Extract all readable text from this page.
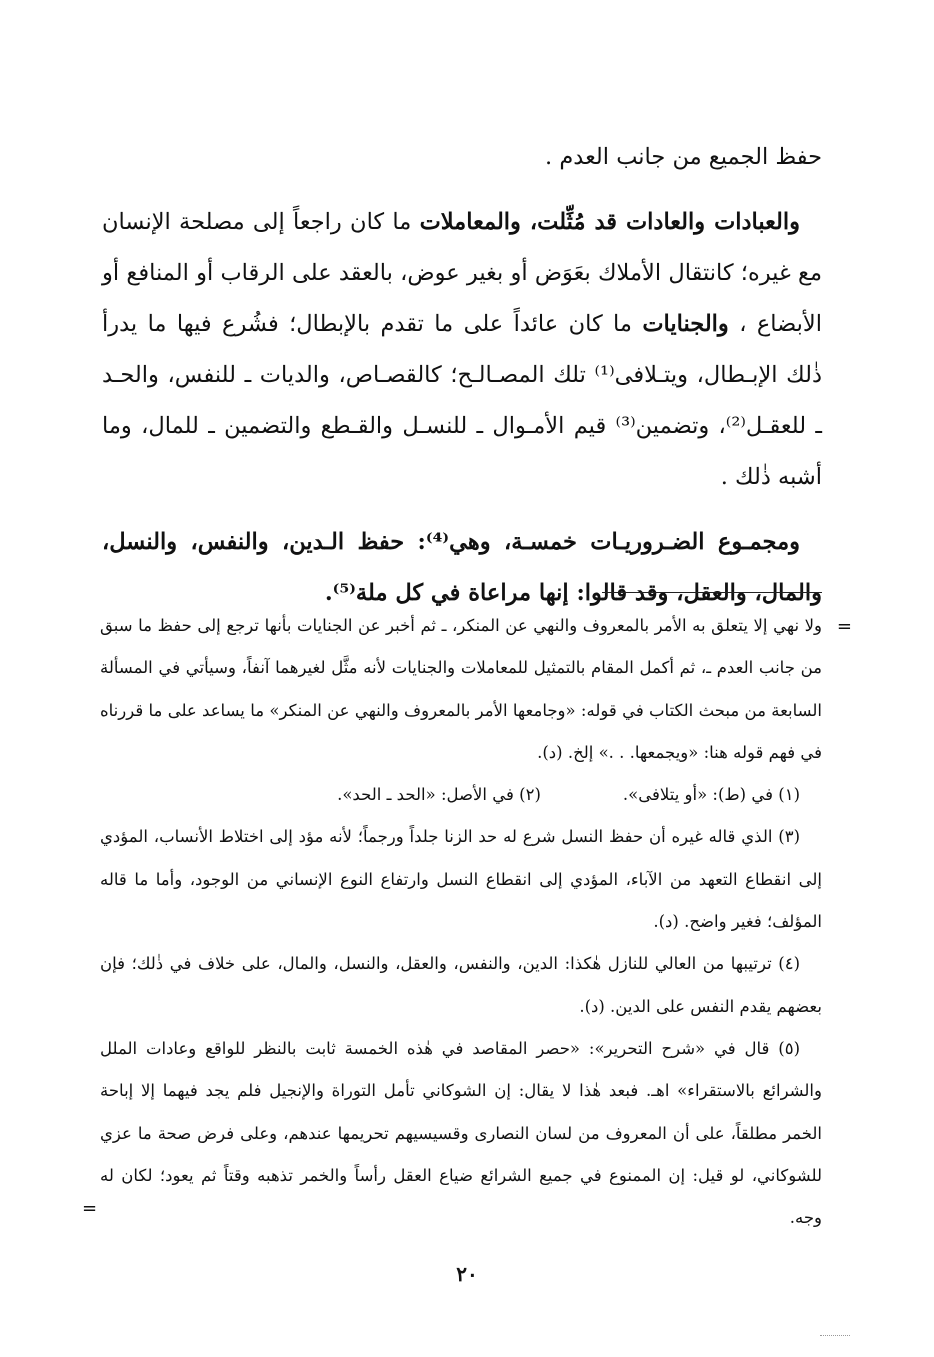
حفظ الجميع من جانب العدم .

والعبادات والعادات قد مُثِّلت، والمعاملات ما كان راجعاً إلى مصلحة الإنسان مع غيره؛ كانتقال الأملاك بعَوَض أو بغير عوض، بالعقد على الرقاب أو المنافع أو الأبضاع ، والجنايات ما كان عائداً على ما تقدم بالإبطال؛ فشُرع فيها ما يدرأ ذٰلك الإبـطال، ويتـلافى⁽¹⁾ تلك المصـالـح؛ كالقصـاص، والديات ـ للنفس، والحـد ـ للعقـل⁽²⁾، وتضمين⁽³⁾ قيم الأمـوال ـ للنسـل والقـطع والتضمين ـ للمال، وما أشبه ذٰلك .

ومجمـوع الضـروريـات خمسـة، وهي⁽⁴⁾: حفظ الـدين، والنفس، والنسل، والمال، والعقل، وقد قالوا: إنها مراعاة في كل ملة⁽⁵⁾.

=

ولا نهي إلا يتعلق به الأمر بالمعروف والنهي عن المنكر، ـ ثم أخبر عن الجنايات بأنها ترجع إلى حفظ ما سبق من جانب العدم ـ، ثم أكمل المقام بالتمثيل للمعاملات والجنايات لأنه مثَّل لغيرهما آنفاً، وسيأتي في المسألة السابعة من مبحث الكتاب في قوله: «وجامعها الأمر بالمعروف والنهي عن المنكر» ما يساعد على ما قررناه في فهم قوله هنا: «ويجمعها. . .» إلخ. (د).

(١) في (ط): «أو يتلافى».
(٢) في الأصل: «الحد ـ الحد».

(٣) الذي قاله غيره أن حفظ النسل شرع له حد الزنا جلداً ورجماً؛ لأنه مؤد إلى اختلاط الأنساب، المؤدي إلى انقطاع التعهد من الآباء، المؤدي إلى انقطاع النسل وارتفاع النوع الإنساني من الوجود، وأما ما قاله المؤلف؛ فغير واضح. (د).

(٤) ترتيبها من العالي للنازل هٰكذا: الدين، والنفس، والعقل، والنسل، والمال، على خلاف في ذٰلك؛ فإن بعضهم يقدم النفس على الدين. (د).

(٥) قال في «شرح التحرير»: «حصر المقاصد في هٰذه الخمسة ثابت بالنظر للواقع وعادات الملل والشرائع بالاستقراء» اهـ. فبعد هٰذا لا يقال: إن الشوكاني تأمل التوراة والإنجيل فلم يجد فيهما إلا إباحة الخمر مطلقاً، على أن المعروف من لسان النصارى وقسيسيهم تحريمها عندهم، وعلى فرض صحة ما عزي للشوكاني، لو قيل: إن الممنوع في جميع الشرائع ضياع العقل رأساً والخمر تذهبه وقتاً ثم يعود؛ لكان له وجه.

=
٢٠
